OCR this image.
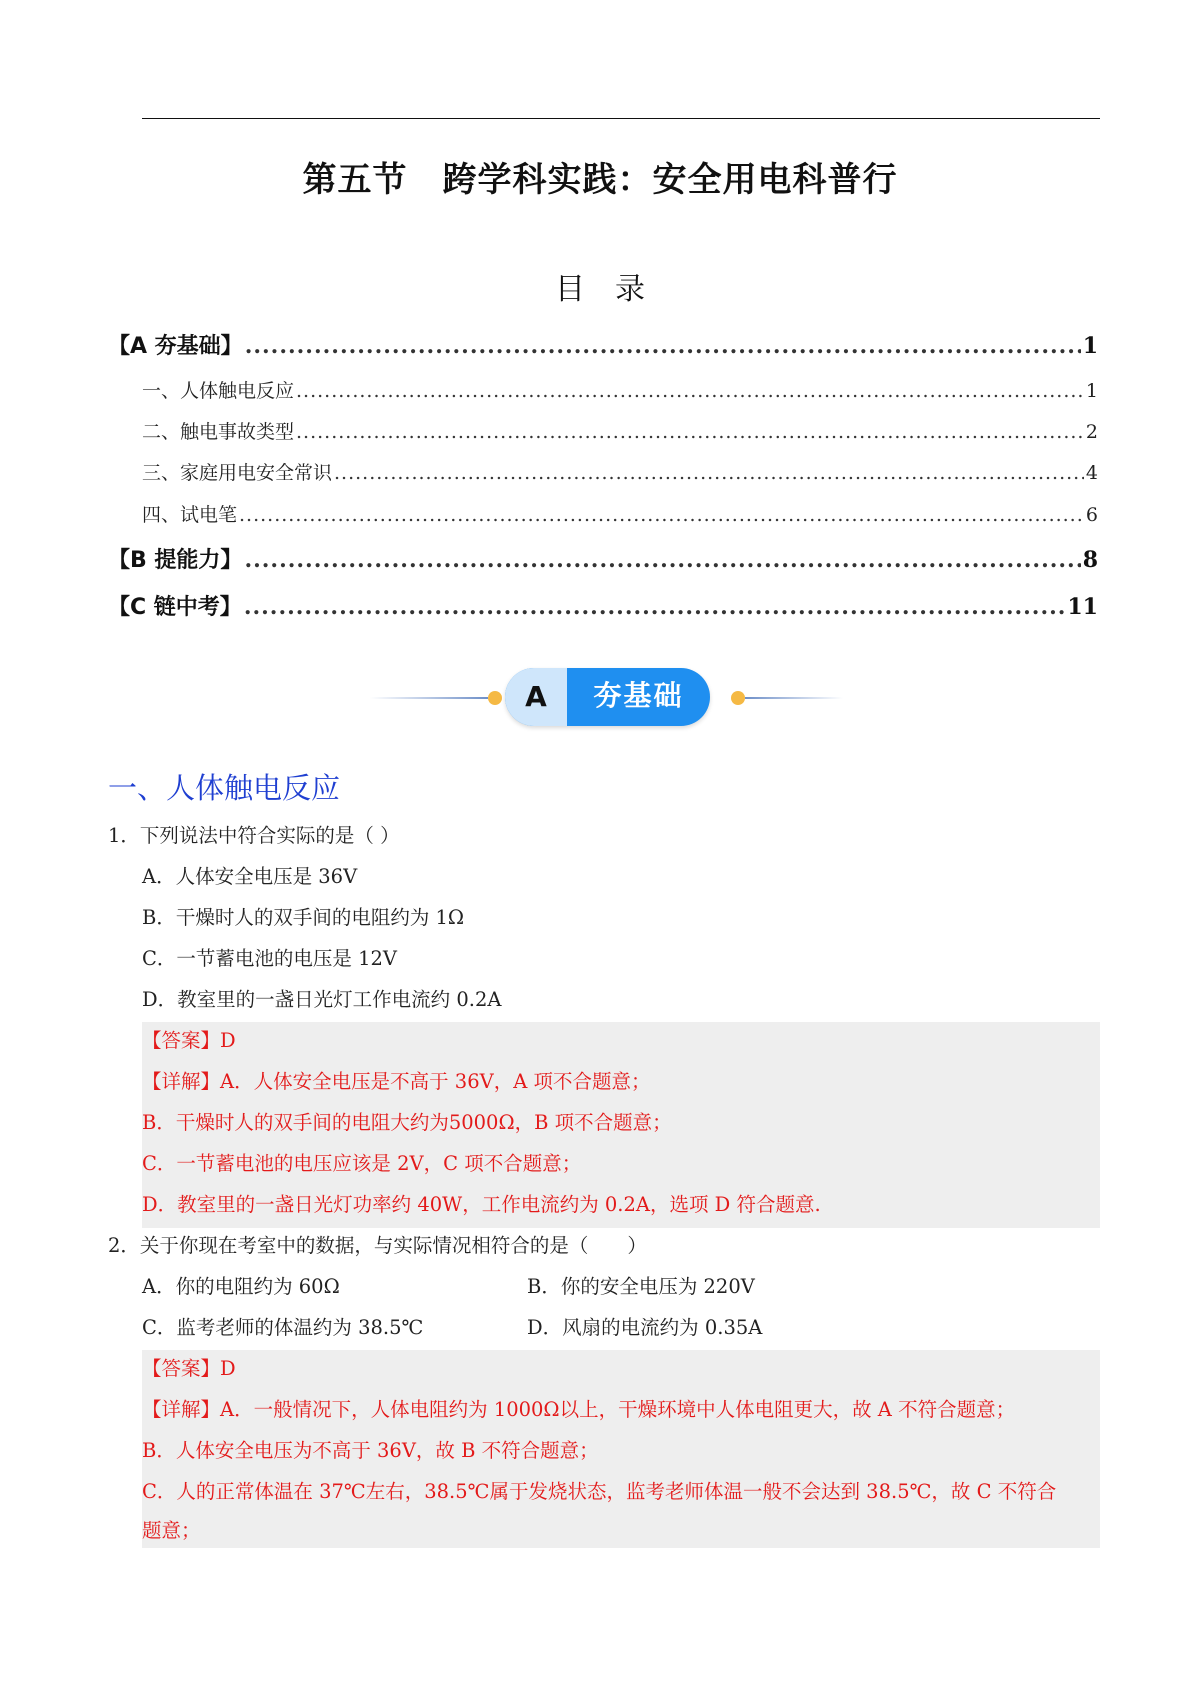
第五节　跨学科实践：安全用电科普行
目　录
【A 夯基础】 .....	1
一、人体触电反应 .....	1
二、触电事故类型 .....	2
三、家庭用电安全常识 .....	4
四、试电笔 .....	6
【B 提能力】 .....	8
【C 链中考】 .....	11
A	夯基础
一、人体触电反应
1．下列说法中符合实际的是（ ）
A．人体安全电压是 36V
B．干燥时人的双手间的电阻约为 1Ω
C．一节蓄电池的电压是 12V
D．教室里的一盏日光灯工作电流约 0.2A
【答案】D
【详解】A．人体安全电压是不高于 36V，A 项不合题意；
B．干燥时人的双手间的电阻大约为5000Ω，B 项不合题意；
C．一节蓄电池的电压应该是 2V，C 项不合题意；
D．教室里的一盏日光灯功率约 40W，工作电流约为 0.2A，选项 D 符合题意.
2．关于你现在考室中的数据，与实际情况相符合的是（　　）
A．你的电阻约为 60Ω	B．你的安全电压为 220V
C．监考老师的体温约为 38.5℃	D．风扇的电流约为 0.35A
【答案】D
【详解】A．一般情况下，人体电阻约为 1000Ω以上，干燥环境中人体电阻更大，故 A 不符合题意；
B．人体安全电压为不高于 36V，故 B 不符合题意；
C．人的正常体温在 37℃左右，38.5℃属于发烧状态，监考老师体温一般不会达到 38.5℃，故 C 不符合
题意；
